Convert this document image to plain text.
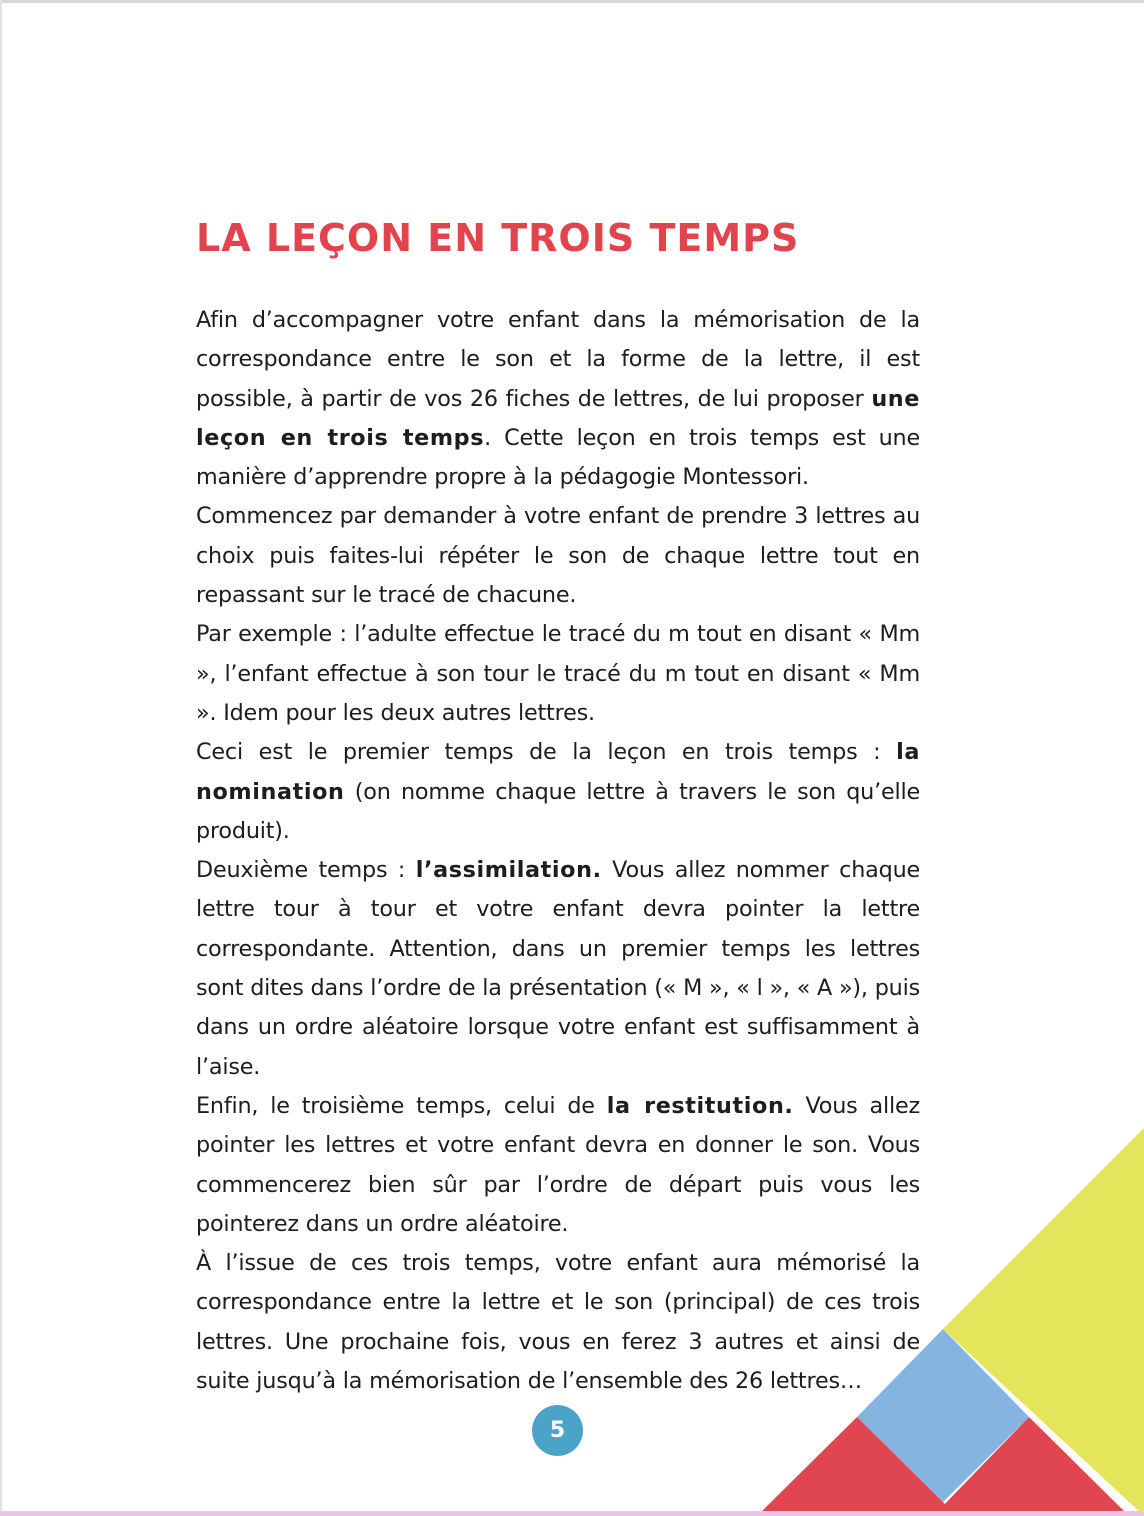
LA LEÇON EN TROIS TEMPS

Afin d’accompagner votre enfant dans la mémorisation de la correspondance entre le son et la forme de la lettre, il est possible, à partir de vos 26 fiches de lettres, de lui proposer une leçon en trois temps. Cette leçon en trois temps est une manière d’apprendre propre à la pédagogie Montessori.

Commencez par demander à votre enfant de prendre 3 lettres au choix puis faites-lui répéter le son de chaque lettre tout en repassant sur le tracé de chacune.

Par exemple : l’adulte effectue le tracé du m tout en disant « Mm », l’enfant effectue à son tour le tracé du m tout en disant « Mm ». Idem pour les deux autres lettres.

Ceci est le premier temps de la leçon en trois temps : la nomination (on nomme chaque lettre à travers le son qu’elle produit).

Deuxième temps : l’assimilation. Vous allez nommer chaque lettre tour à tour et votre enfant devra pointer la lettre correspondante. Attention, dans un premier temps les lettres sont dites dans l’ordre de la présentation (« M », « l », « A »), puis dans un ordre aléatoire lorsque votre enfant est suffisamment à l’aise.

Enfin, le troisième temps, celui de la restitution. Vous allez pointer les lettres et votre enfant devra en donner le son. Vous commencerez bien sûr par l’ordre de départ puis vous les pointerez dans un ordre aléatoire.

À l’issue de ces trois temps, votre enfant aura mémorisé la correspondance entre la lettre et le son (principal) de ces trois lettres. Une prochaine fois, vous en ferez 3 autres et ainsi de suite jusqu’à la mémorisation de l’ensemble des 26 lettres…

5
